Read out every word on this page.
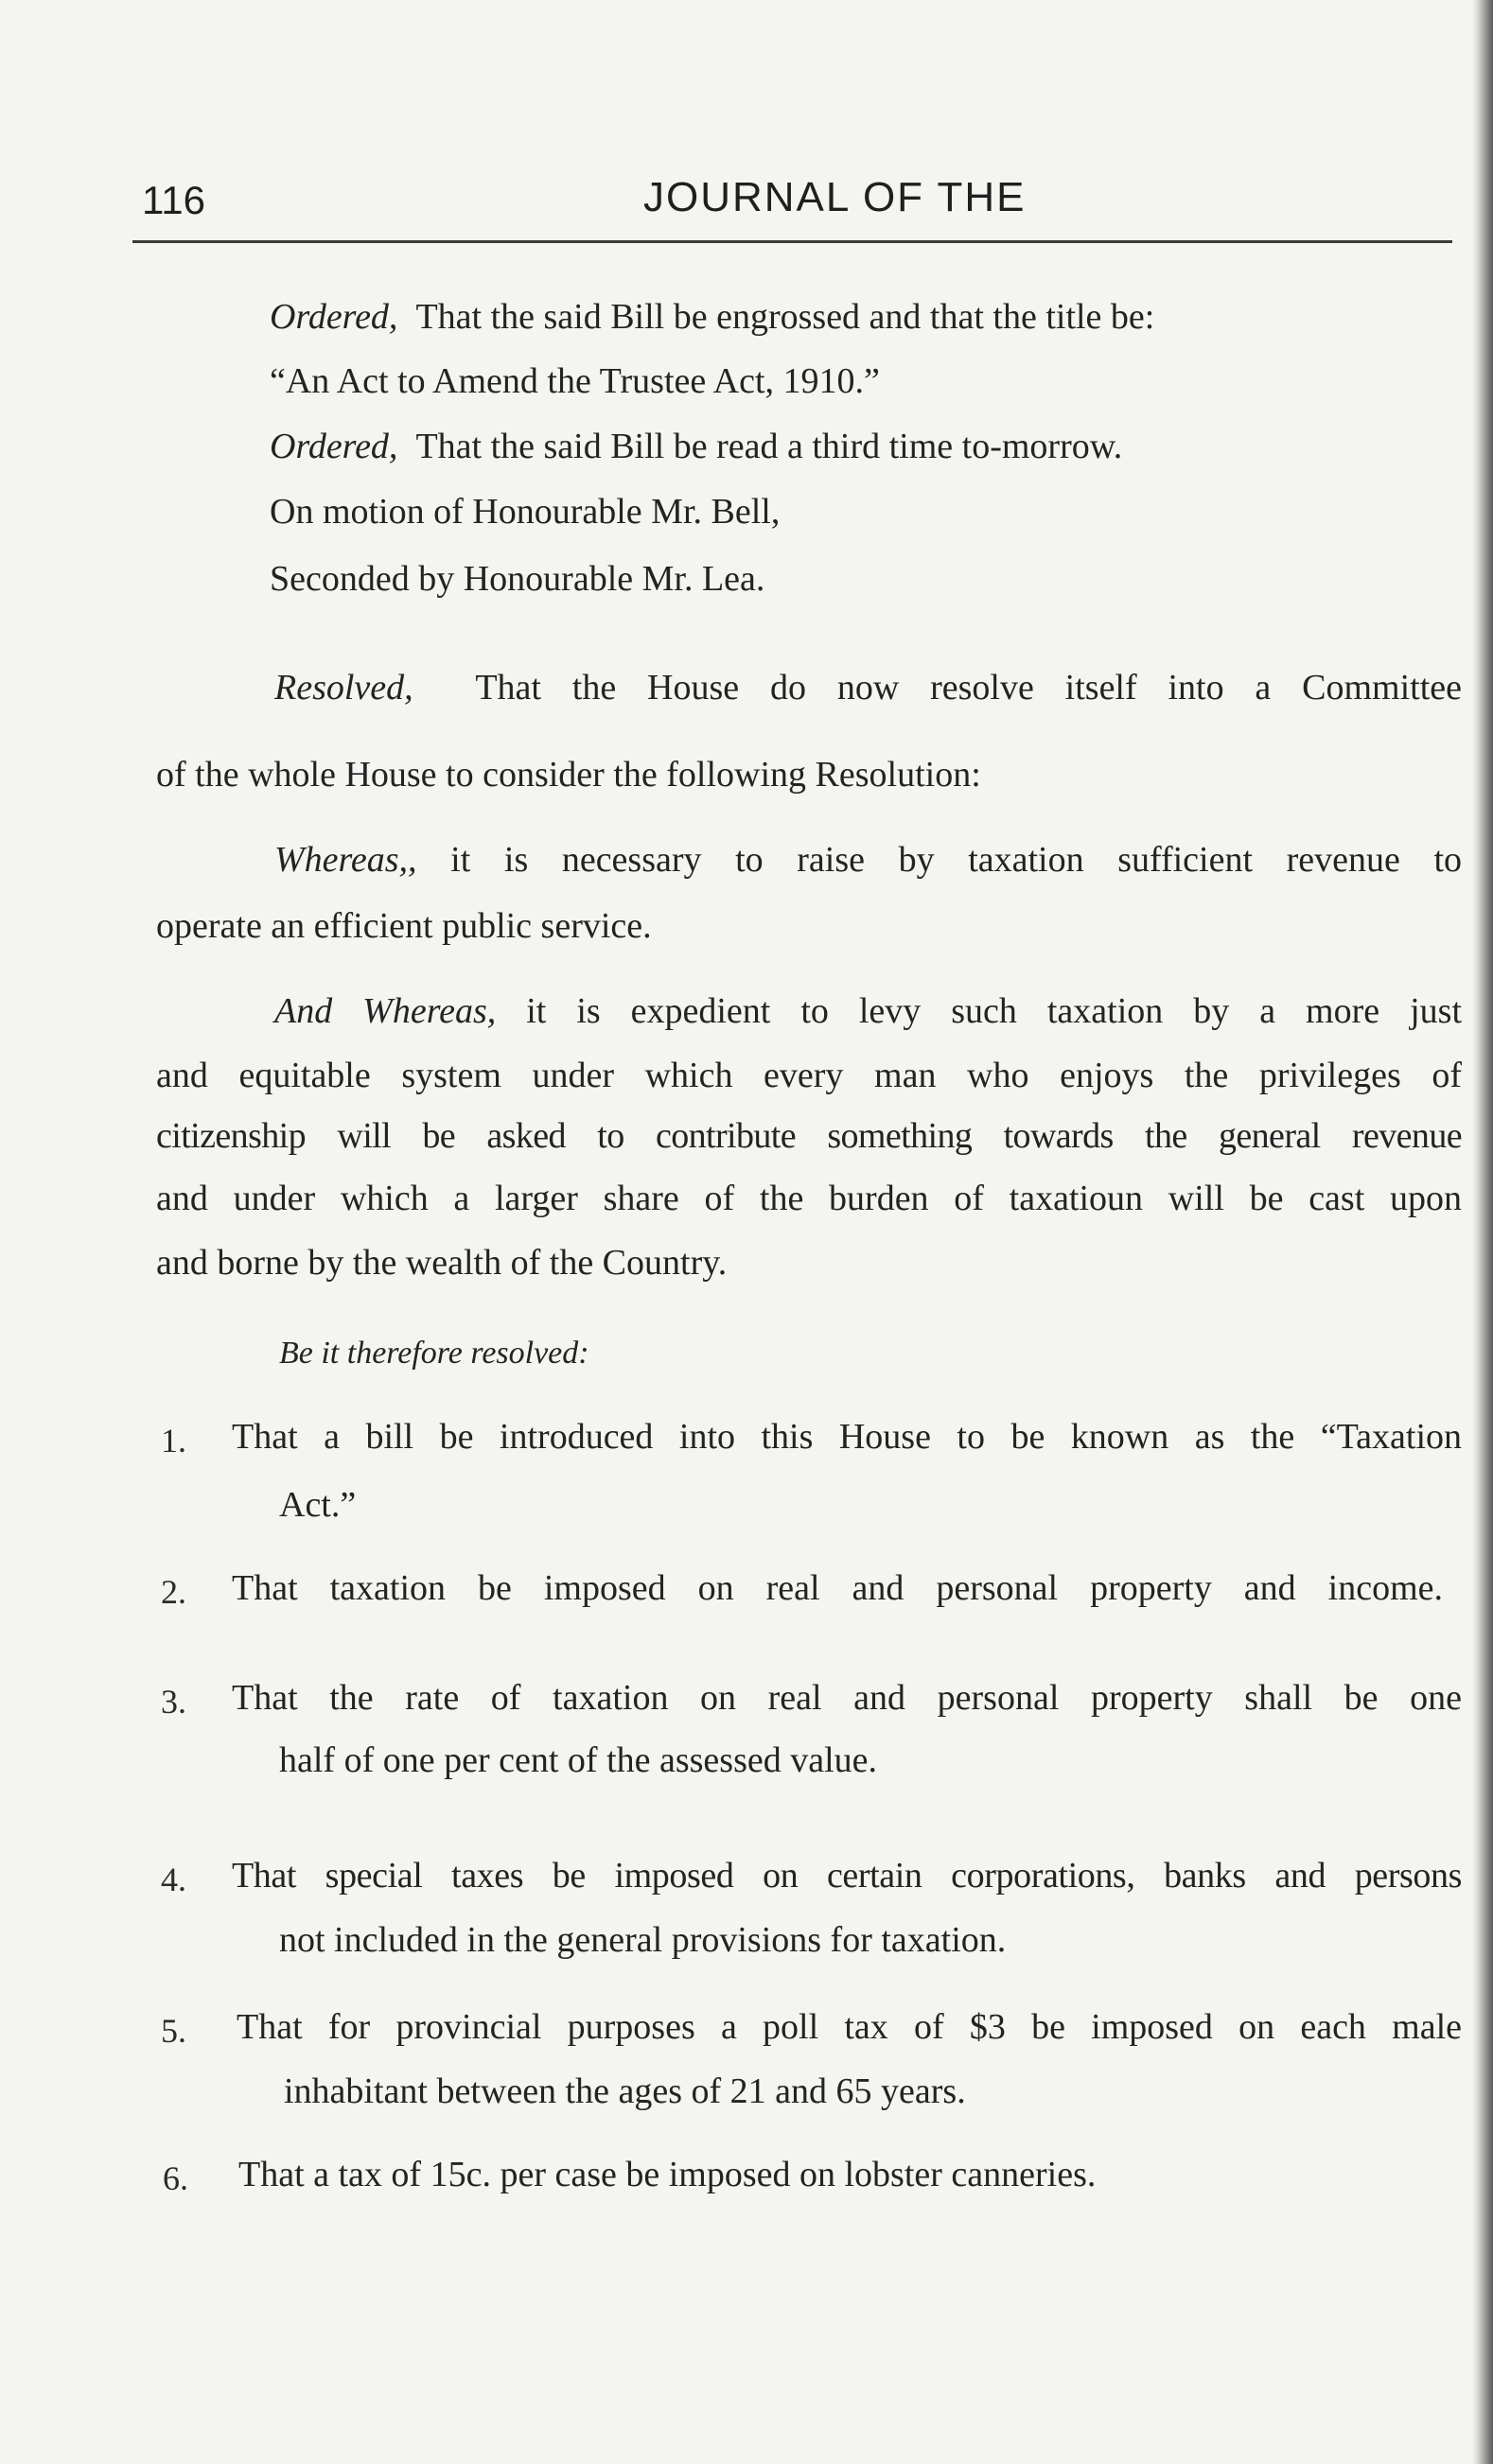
116	JOURNAL OF THE
Ordered, That the said Bill be engrossed and that the title be:
“An Act to Amend the Trustee Act, 1910.”
Ordered, That the said Bill be read a third time to-morrow.
On motion of Honourable Mr. Bell,
Seconded by Honourable Mr. Lea.
Resolved, That the House do now resolve itself into a Committee
of the whole House to consider the following Resolution:
Whereas,, it is necessary to raise by taxation sufficient revenue to
operate an efficient public service.
And Whereas, it is expedient to levy such taxation by a more just
and equitable system under which every man who enjoys the privileges of
citizenship will be asked to contribute something towards the general revenue
and under which a larger share of the burden of taxatioun will be cast upon
and borne by the wealth of the Country.
Be it therefore resolved:
1. That a bill be introduced into this House to be known as the “Taxation
Act.”
2. That taxation be imposed on real and personal property and income.
3. That the rate of taxation on real and personal property shall be one
half of one per cent of the assessed value.
4. That special taxes be imposed on certain corporations, banks and persons
not included in the general provisions for taxation.
5. That for provincial purposes a poll tax of $3 be imposed on each male
inhabitant between the ages of 21 and 65 years.
6. That a tax of 15c. per case be imposed on lobster canneries.
